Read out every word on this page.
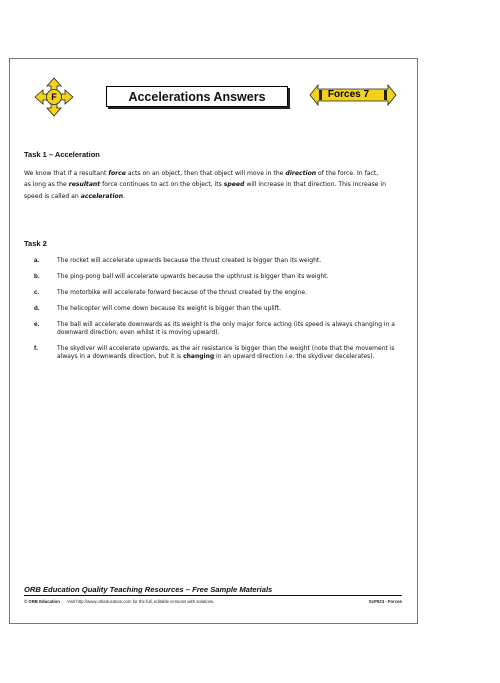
F	Accelerations Answers	Forces 7
Task 1 – Acceleration
We know that if a resultant force acts on an object, then that object will move in the direction of the force. In fact, as long as the resultant force continues to act on the object, its speed will increase in that direction. This increase in speed is called an acceleration.
Task 2
a.	The rocket will accelerate upwards because the thrust created is bigger than its weight.
b.	The ping-pong ball will accelerate upwards because the upthrust is bigger than its weight.
c.	The motorbike will accelerate forward because of the thrust created by the engine.
d.	The helicopter will come down because its weight is bigger than the uplift.
e.	The ball will accelerate downwards as its weight is the only major force acting (its speed is always changing in a downward direction, even whilst it is moving upward).
f.	The skydiver will accelerate upwards, as the air resistance is bigger than the weight (note that the movement is always in a downwards direction, but it is changing in an upward direction i.e. the skydiver decelerates).
ORB Education Quality Teaching Resources – Free Sample Materials
© ORB Education Visit http://www.orbeducation.com for the full, editable versions with solutions.	ScP023 - Forces
